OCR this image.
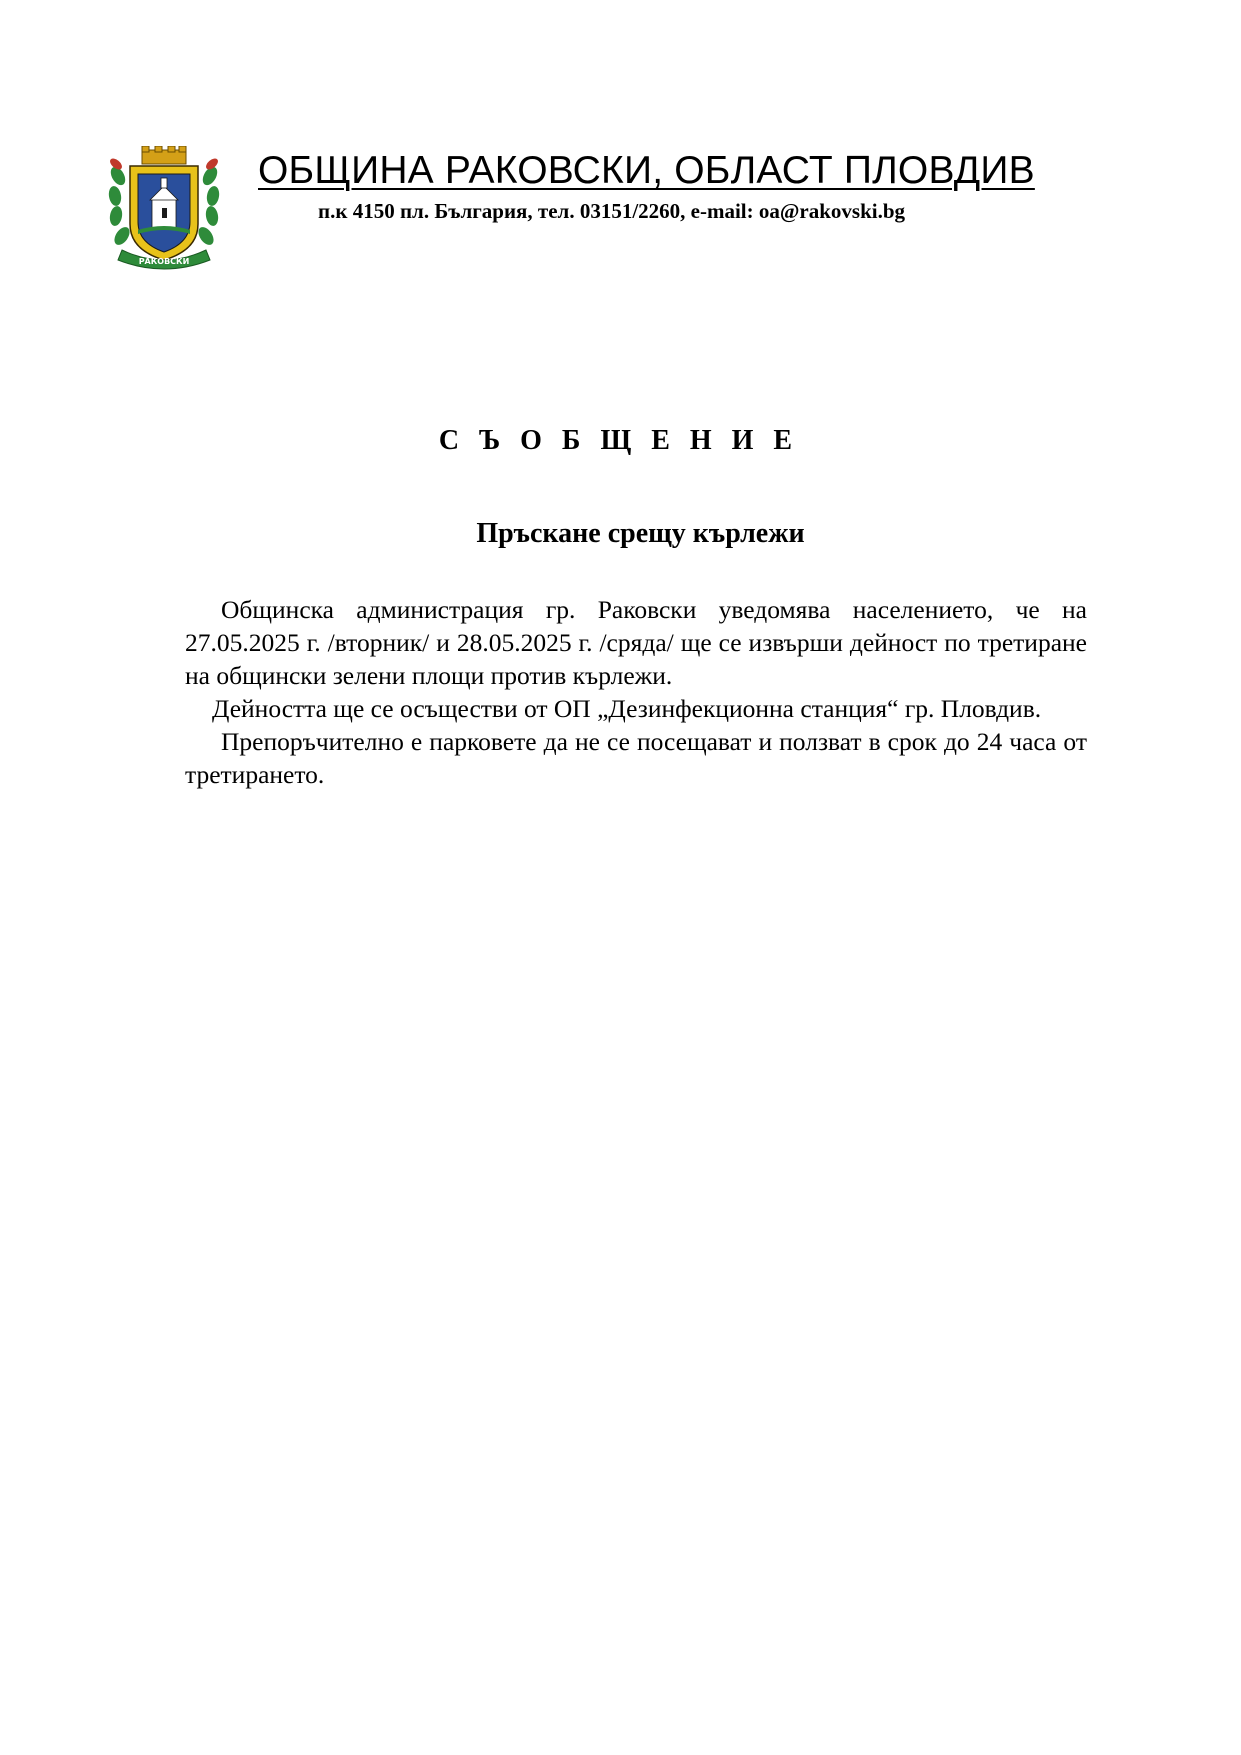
РАКОВСКИ
ОБЩИНА РАКОВСКИ, ОБЛАСТ ПЛОВДИВ
п.к 4150 пл. България, тел. 03151/2260, e-mail: oa@rakovski.bg
СЪОБЩЕНИЕ
Пръскане срещу кърлежи

Общинска администрация гр. Раковски уведомява населението, че на 27.05.2025 г. /вторник/ и 28.05.2025 г. /сряда/ ще се извърши дейност по третиране на общински зелени площи против кърлежи.

Дейността ще се осъществи от ОП „Дезинфекционна станция“ гр. Пловдив.

Препоръчително е парковете да не се посещават и ползват в срок до 24 часа от третирането.
